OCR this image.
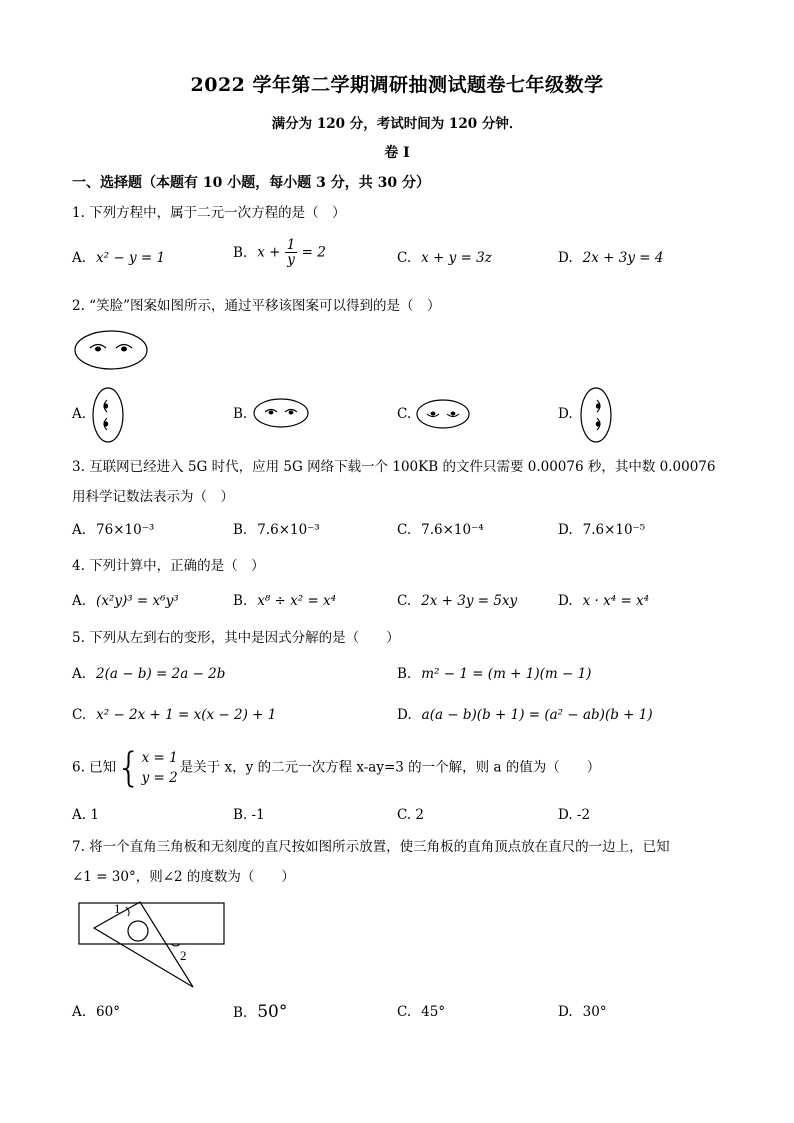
2022 学年第二学期调研抽测试题卷七年级数学
满分为 120 分，考试时间为 120 分钟．
卷 I
一、选择题（本题有 10 小题，每小题 3 分，共 30 分）
1. 下列方程中，属于二元一次方程的是（　）
A. x² − y = 1	B. $x + \frac{1}{y} = 2$	C. x + y = 3z	D. 2x + 3y = 4
2. “笑脸”图案如图所示，通过平移该图案可以得到的是（　）
A.	B.	C.	D.
3. 互联网已经进入 5G 时代，应用 5G 网络下载一个 100KB 的文件只需要 0.00076 秒，其中数 0.00076 用科学记数法表示为（　）
A. 76×10⁻³	B. 7.6×10⁻³	C. 7.6×10⁻⁴	D. 7.6×10⁻⁵
4. 下列计算中，正确的是（　）
A. (x²y)³ = x⁶y³	B. x⁸ ÷ x² = x⁴	C. 2x + 3y = 5xy	D. x · x⁴ = x⁴
5. 下列从左到右的变形，其中是因式分解的是（　　）
A. 2(a − b) = 2a − 2b	B. m² − 1 = (m + 1)(m − 1)
C. x² − 2x + 1 = x(x − 2) + 1	D. a(a − b)(b + 1) = (a² − ab)(b + 1)
6. 已知 { x = 1
y = 2
是关于 x，y 的二元一次方程 x-ay=3 的一个解，则 a 的值为（　　）
A. 1	B. -1	C. 2	D. -2
7. 将一个直角三角板和无刻度的直尺按如图所示放置，使三角板的直角顶点放在直尺的一边上，已知
∠1 = 30°，则∠2 的度数为（　　）
1
2
A. 60°	B. 50°	C. 45°	D. 30°
